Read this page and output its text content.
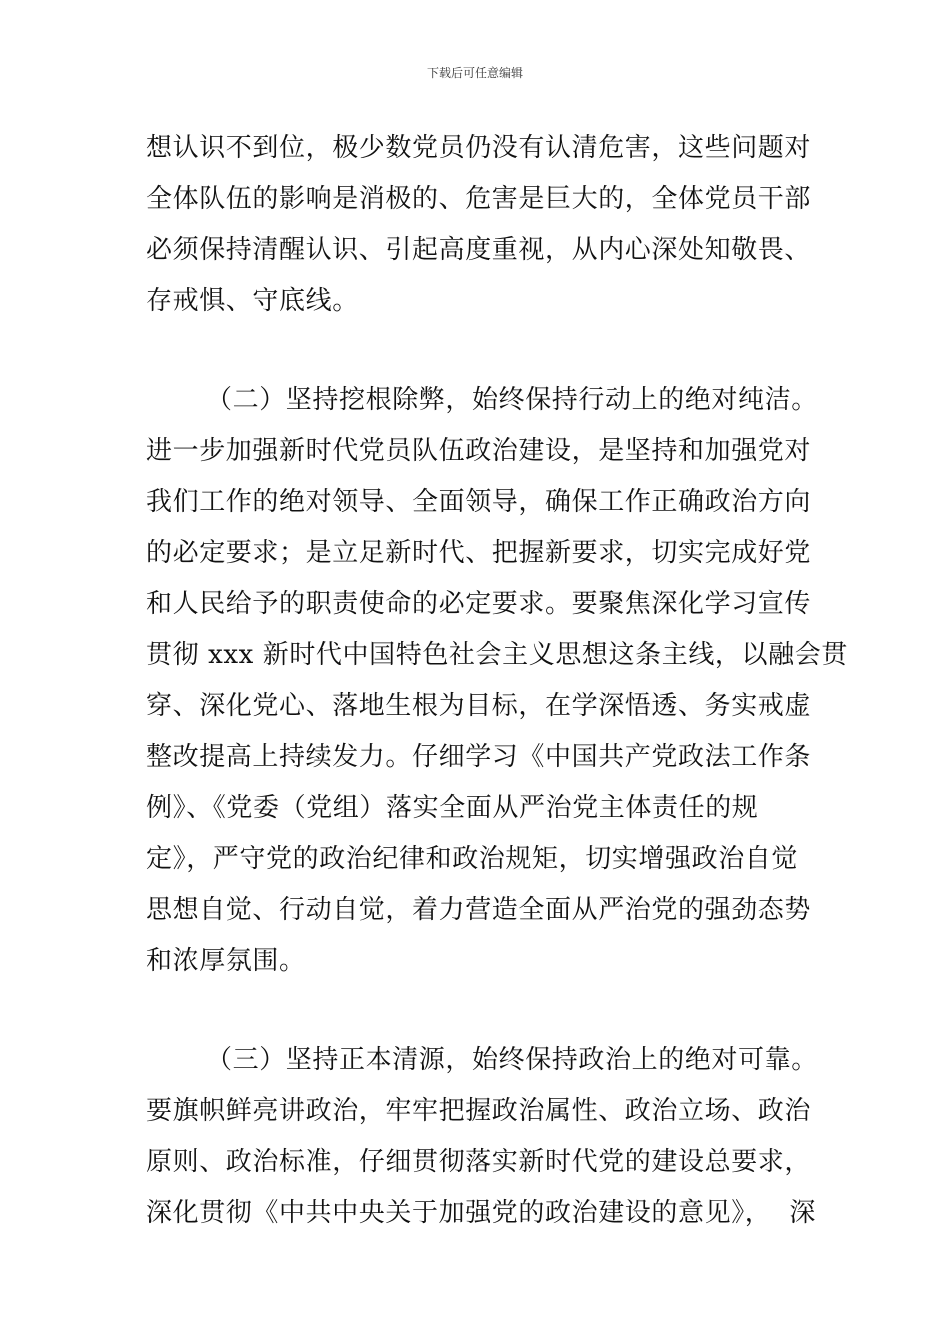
下载后可任意编辑
想认识不到位，极少数党员仍没有认清危害，这些问题对
全体队伍的影响是消极的、危害是巨大的，全体党员干部
必须保持清醒认识、引起高度重视，从内心深处知敬畏、
存戒惧、守底线。
（二）坚持挖根除弊，始终保持行动上的绝对纯洁。
进一步加强新时代党员队伍政治建设，是坚持和加强党对
我们工作的绝对领导、全面领导，确保工作正确政治方向
的必定要求；是立足新时代、把握新要求，切实完成好党
和人民给予的职责使命的必定要求。要聚焦深化学习宣传
贯彻 xxx 新时代中国特色社会主义思想这条主线，以融会贯
穿、深化党心、落地生根为目标，在学深悟透、务实戒虚
整改提高上持续发力。仔细学习《中国共产党政法工作条
例》、《党委（党组）落实全面从严治党主体责任的规
定》，严守党的政治纪律和政治规矩，切实增强政治自觉
思想自觉、行动自觉，着力营造全面从严治党的强劲态势
和浓厚氛围。
（三）坚持正本清源，始终保持政治上的绝对可靠。
要旗帜鲜亮讲政治，牢牢把握政治属性、政治立场、政治
原则、政治标准，仔细贯彻落实新时代党的建设总要求，
深化贯彻《中共中央关于加强党的政治建设的意见》， 深
